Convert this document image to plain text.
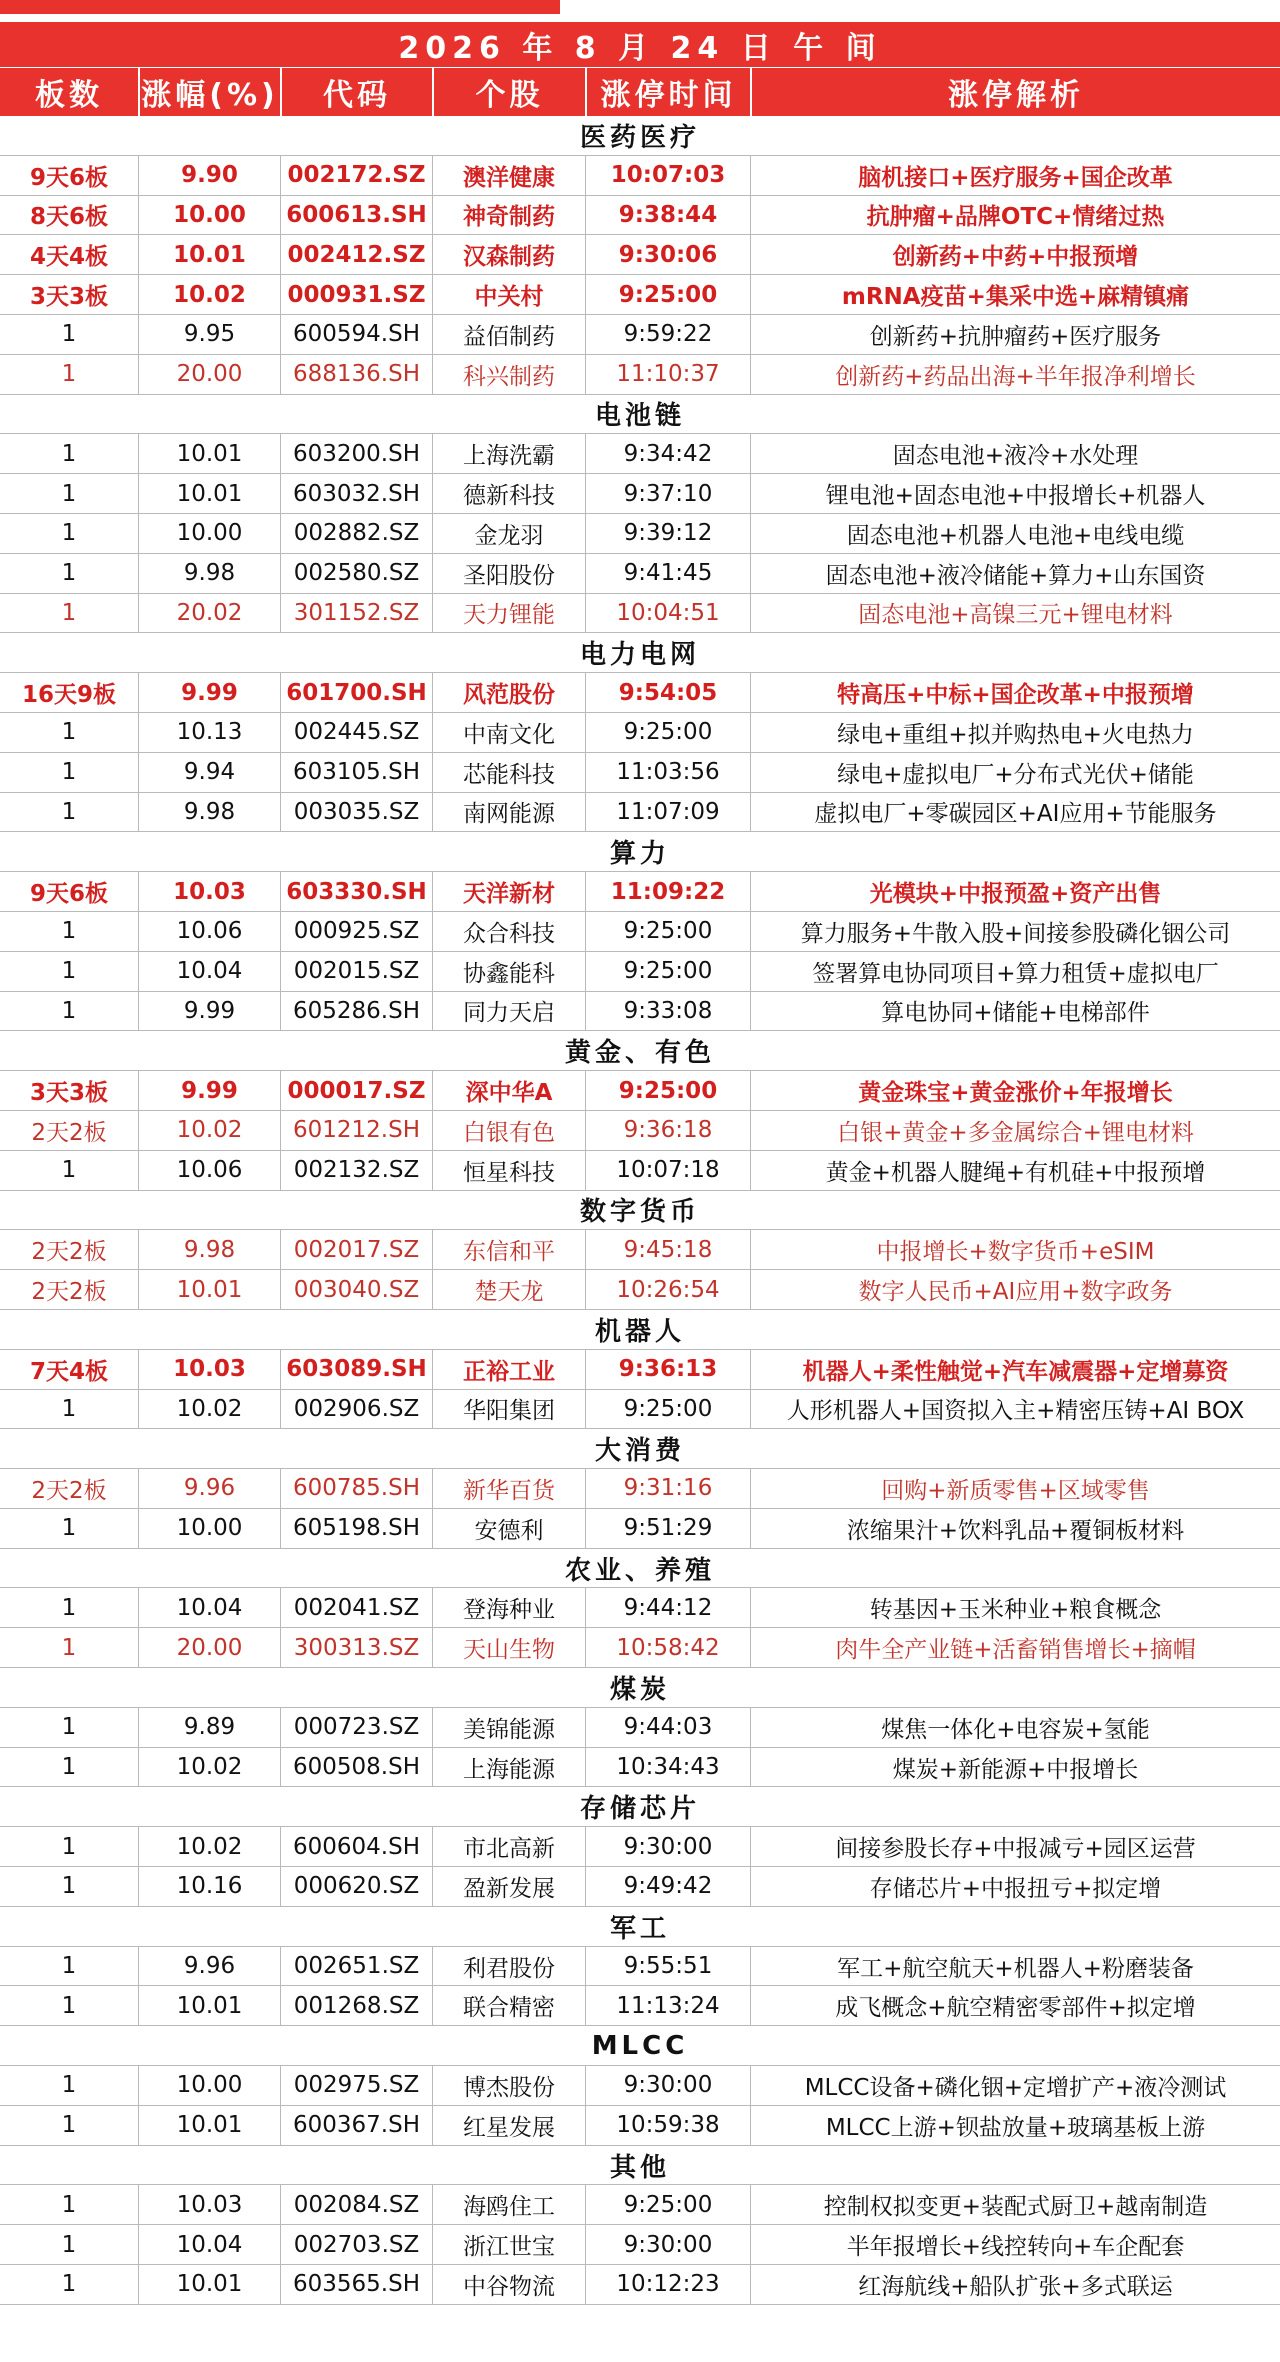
2026 年 8 月 24 日 午 间
板数	涨幅(%)	代码	个股	涨停时间	涨停解析
医药医疗
9天6板	9.90	002172.SZ	澳洋健康	10:07:03	脑机接口+医疗服务+国企改革
8天6板	10.00	600613.SH	神奇制药	9:38:44	抗肿瘤+品牌OTC+情绪过热
4天4板	10.01	002412.SZ	汉森制药	9:30:06	创新药+中药+中报预增
3天3板	10.02	000931.SZ	中关村	9:25:00	mRNA疫苗+集采中选+麻精镇痛
1	9.95	600594.SH	益佰制药	9:59:22	创新药+抗肿瘤药+医疗服务
1	20.00	688136.SH	科兴制药	11:10:37	创新药+药品出海+半年报净利增长
电池链
1	10.01	603200.SH	上海洗霸	9:34:42	固态电池+液冷+水处理
1	10.01	603032.SH	德新科技	9:37:10	锂电池+固态电池+中报增长+机器人
1	10.00	002882.SZ	金龙羽	9:39:12	固态电池+机器人电池+电线电缆
1	9.98	002580.SZ	圣阳股份	9:41:45	固态电池+液冷储能+算力+山东国资
1	20.02	301152.SZ	天力锂能	10:04:51	固态电池+高镍三元+锂电材料
电力电网
16天9板	9.99	601700.SH	风范股份	9:54:05	特高压+中标+国企改革+中报预增
1	10.13	002445.SZ	中南文化	9:25:00	绿电+重组+拟并购热电+火电热力
1	9.94	603105.SH	芯能科技	11:03:56	绿电+虚拟电厂+分布式光伏+储能
1	9.98	003035.SZ	南网能源	11:07:09	虚拟电厂+零碳园区+AI应用+节能服务
算力
9天6板	10.03	603330.SH	天洋新材	11:09:22	光模块+中报预盈+资产出售
1	10.06	000925.SZ	众合科技	9:25:00	算力服务+牛散入股+间接参股磷化铟公司
1	10.04	002015.SZ	协鑫能科	9:25:00	签署算电协同项目+算力租赁+虚拟电厂
1	9.99	605286.SH	同力天启	9:33:08	算电协同+储能+电梯部件
黄金、有色
3天3板	9.99	000017.SZ	深中华A	9:25:00	黄金珠宝+黄金涨价+年报增长
2天2板	10.02	601212.SH	白银有色	9:36:18	白银+黄金+多金属综合+锂电材料
1	10.06	002132.SZ	恒星科技	10:07:18	黄金+机器人腱绳+有机硅+中报预增
数字货币
2天2板	9.98	002017.SZ	东信和平	9:45:18	中报增长+数字货币+eSIM
2天2板	10.01	003040.SZ	楚天龙	10:26:54	数字人民币+AI应用+数字政务
机器人
7天4板	10.03	603089.SH	正裕工业	9:36:13	机器人+柔性触觉+汽车减震器+定增募资
1	10.02	002906.SZ	华阳集团	9:25:00	人形机器人+国资拟入主+精密压铸+AI BOX
大消费
2天2板	9.96	600785.SH	新华百货	9:31:16	回购+新质零售+区域零售
1	10.00	605198.SH	安德利	9:51:29	浓缩果汁+饮料乳品+覆铜板材料
农业、养殖
1	10.04	002041.SZ	登海种业	9:44:12	转基因+玉米种业+粮食概念
1	20.00	300313.SZ	天山生物	10:58:42	肉牛全产业链+活畜销售增长+摘帽
煤炭
1	9.89	000723.SZ	美锦能源	9:44:03	煤焦一体化+电容炭+氢能
1	10.02	600508.SH	上海能源	10:34:43	煤炭+新能源+中报增长
存储芯片
1	10.02	600604.SH	市北高新	9:30:00	间接参股长存+中报减亏+园区运营
1	10.16	000620.SZ	盈新发展	9:49:42	存储芯片+中报扭亏+拟定增
军工
1	9.96	002651.SZ	利君股份	9:55:51	军工+航空航天+机器人+粉磨装备
1	10.01	001268.SZ	联合精密	11:13:24	成飞概念+航空精密零部件+拟定增
MLCC
1	10.00	002975.SZ	博杰股份	9:30:00	MLCC设备+磷化铟+定增扩产+液冷测试
1	10.01	600367.SH	红星发展	10:59:38	MLCC上游+钡盐放量+玻璃基板上游
其他
1	10.03	002084.SZ	海鸥住工	9:25:00	控制权拟变更+装配式厨卫+越南制造
1	10.04	002703.SZ	浙江世宝	9:30:00	半年报增长+线控转向+车企配套
1	10.01	603565.SH	中谷物流	10:12:23	红海航线+船队扩张+多式联运
